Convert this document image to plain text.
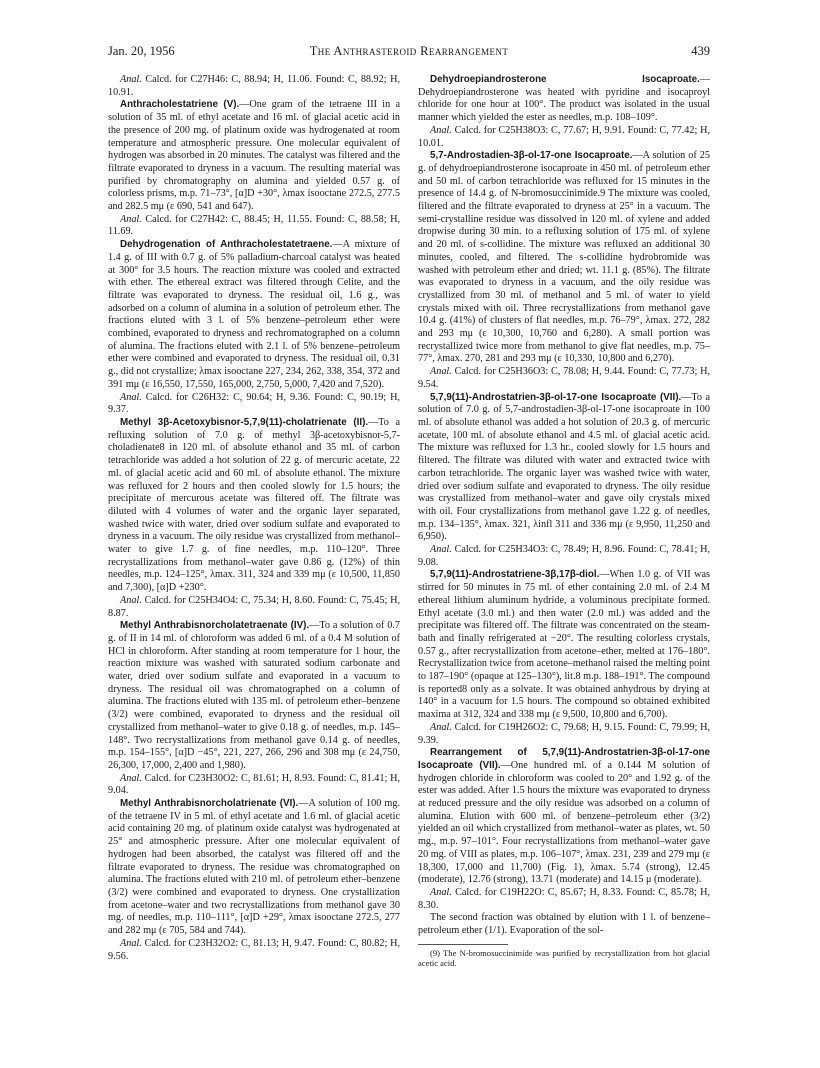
Jan. 20, 1956	The Anthrasteroid Rearrangement	439

Anal. Calcd. for C27H46: C, 88.94; H, 11.06. Found: C, 88.92; H, 10.91.

Anthracholestatriene (V).—One gram of the tetraene III in a solution of 35 ml. of ethyl acetate and 16 ml. of glacial acetic acid in the presence of 200 mg. of platinum oxide was hydrogenated at room temperature and atmospheric pressure. One molecular equivalent of hydrogen was absorbed in 20 minutes. The catalyst was filtered and the filtrate evaporated to dryness in a vacuum. The resulting material was purified by chromatography on alumina and yielded 0.57 g. of colorless prisms, m.p. 71–73°, [α]D +30°, λmax isooctane 272.5, 277.5 and 282.5 mμ (ε 690, 541 and 647).

Anal. Calcd. for C27H42: C, 88.45; H, 11.55. Found: C, 88.58; H, 11.69.

Dehydrogenation of Anthracholestatetraene.—A mixture of 1.4 g. of III with 0.7 g. of 5% palladium-charcoal catalyst was heated at 300° for 3.5 hours. The reaction mixture was cooled and extracted with ether. The ethereal extract was filtered through Celite, and the filtrate was evaporated to dryness. The residual oil, 1.6 g., was adsorbed on a column of alumina in a solution of petroleum ether. The fractions eluted with 3 l. of 5% benzene–petroleum ether were combined, evaporated to dryness and rechromatographed on a column of alumina. The fractions eluted with 2.1 l. of 5% benzene–petroleum ether were combined and evaporated to dryness. The residual oil, 0.31 g., did not crystallize; λmax isooctane 227, 234, 262, 338, 354, 372 and 391 mμ (ε 16,550, 17,550, 165,000, 2,750, 5,000, 7,420 and 7,520).

Anal. Calcd. for C26H32: C, 90.64; H, 9.36. Found: C, 90.19; H, 9.37.

Methyl 3β-Acetoxybisnor-5,7,9(11)-cholatrienate (II).—To a refluxing solution of 7.0 g. of methyl 3β-acetoxybisnor-5,7-choladienate8 in 120 ml. of absolute ethanol and 35 ml. of carbon tetrachloride was added a hot solution of 22 g. of mercuric acetate, 22 ml. of glacial acetic acid and 60 ml. of absolute ethanol. The mixture was refluxed for 2 hours and then cooled slowly for 1.5 hours; the precipitate of mercurous acetate was filtered off. The filtrate was diluted with 4 volumes of water and the organic layer separated, washed twice with water, dried over sodium sulfate and evaporated to dryness in a vacuum. The oily residue was crystallized from methanol–water to give 1.7 g. of fine needles, m.p. 110–120°. Three recrystallizations from methanol–water gave 0.86 g. (12%) of thin needles, m.p. 124–125°, λmax. 311, 324 and 339 mμ (ε 10,500, 11,850 and 7,300), [α]D +230°.

Anal. Calcd. for C25H34O4: C, 75.34; H, 8.60. Found: C, 75.45; H, 8.87.

Methyl Anthrabisnorcholatetraenate (IV).—To a solution of 0.7 g. of II in 14 ml. of chloroform was added 6 ml. of a 0.4 M solution of HCl in chloroform. After standing at room temperature for 1 hour, the reaction mixture was washed with saturated sodium carbonate and water, dried over sodium sulfate and evaporated in a vacuum to dryness. The residual oil was chromatographed on a column of alumina. The fractions eluted with 135 ml. of petroleum ether–benzene (3/2) were combined, evaporated to dryness and the residual oil crystallized from methanol–water to give 0.18 g. of needles, m.p. 145–148°. Two recrystallizations from methanol gave 0.14 g. of needles, m.p. 154–155°, [α]D −45°, 221, 227, 266, 296 and 308 mμ (ε 24,750, 26,300, 17,000, 2,400 and 1,980).

Anal. Calcd. for C23H30O2: C, 81.61; H, 8.93. Found: C, 81.41; H, 9.04.

Methyl Anthrabisnorcholatrienate (VI).—A solution of 100 mg. of the tetraene IV in 5 ml. of ethyl acetate and 1.6 ml. of glacial acetic acid containing 20 mg. of platinum oxide catalyst was hydrogenated at 25° and atmospheric pressure. After one molecular equivalent of hydrogen had been absorbed, the catalyst was filtered off and the filtrate evaporated to dryness. The residue was chromatographed on alumina. The fractions eluted with 210 ml. of petroleum ether–benzene (3/2) were combined and evaporated to dryness. One crystallization from acetone–water and two recrystallizations from methanol gave 30 mg. of needles, m.p. 110–111°, [α]D +29°, λmax isooctane 272.5, 277 and 282 mμ (ε 705, 584 and 744).

Anal. Calcd. for C23H32O2: C, 81.13; H, 9.47. Found: C, 80.82; H, 9.56.

Dehydroepiandrosterone Isocaproate.—Dehydroepiandrosterone was heated with pyridine and isocaproyl chloride for one hour at 100°. The product was isolated in the usual manner which yielded the ester as needles, m.p. 108–109°.

Anal. Calcd. for C25H38O3: C, 77.67; H, 9.91. Found: C, 77.42; H, 10.01.

5,7-Androstadien-3β-ol-17-one Isocaproate.—A solution of 25 g. of dehydroepiandrosterone isocaproate in 450 ml. of petroleum ether and 50 ml. of carbon tetrachloride was refluxed for 15 minutes in the presence of 14.4 g. of N-bromosuccinimide.9 The mixture was cooled, filtered and the filtrate evaporated to dryness at 25° in a vacuum. The semi-crystalline residue was dissolved in 120 ml. of xylene and added dropwise during 30 min. to a refluxing solution of 175 ml. of xylene and 20 ml. of s-collidine. The mixture was refluxed an additional 30 minutes, cooled, and filtered. The s-collidine hydrobromide was washed with petroleum ether and dried; wt. 11.1 g. (85%). The filtrate was evaporated to dryness in a vacuum, and the oily residue was crystallized from 30 ml. of methanol and 5 ml. of water to yield crystals mixed with oil. Three recrystallizations from methanol gave 10.4 g. (41%) of clusters of flat needles, m.p. 76–79°, λmax. 272, 282 and 293 mμ (ε 10,300, 10,760 and 6,280). A small portion was recrystallized twice more from methanol to give flat needles, m.p. 75–77°, λmax. 270, 281 and 293 mμ (ε 10,330, 10,800 and 6,270).

Anal. Calcd. for C25H36O3: C, 78.08; H, 9.44. Found: C, 77.73; H, 9.54.

5,7,9(11)-Androstatrien-3β-ol-17-one Isocaproate (VII).—To a solution of 7.0 g. of 5,7-androstadien-3β-ol-17-one isocaproate in 100 ml. of absolute ethanol was added a hot solution of 20.3 g. of mercuric acetate, 100 ml. of absolute ethanol and 4.5 ml. of glacial acetic acid. The mixture was refluxed for 1.3 hr., cooled slowly for 1.5 hours and filtered. The filtrate was diluted with water and extracted twice with carbon tetrachloride. The organic layer was washed twice with water, dried over sodium sulfate and evaporated to dryness. The oily residue was crystallized from methanol–water and gave oily crystals mixed with oil. Four crystallizations from methanol gave 1.22 g. of needles, m.p. 134–135°, λmax. 321, λinfl 311 and 336 mμ (ε 9,950, 11,250 and 6,950).

Anal. Calcd. for C25H34O3: C, 78.49; H, 8.96. Found: C, 78.41; H, 9.08.

5,7,9(11)-Androstatriene-3β,17β-diol.—When 1.0 g. of VII was stirred for 50 minutes in 75 ml. of ether containing 2.0 ml. of 2.4 M ethereal lithium aluminum hydride, a voluminous precipitate formed. Ethyl acetate (3.0 ml.) and then water (2.0 ml.) was added and the precipitate was filtered off. The filtrate was concentrated on the steam-bath and finally refrigerated at −20°. The resulting colorless crystals, 0.57 g., after recrystallization from acetone–ether, melted at 176–180°. Recrystallization twice from acetone–methanol raised the melting point to 187–190° (opaque at 125–130°), lit.8 m.p. 188–191°. The compound is reported8 only as a solvate. It was obtained anhydrous by drying at 140° in a vacuum for 1.5 hours. The compound so obtained exhibited maxima at 312, 324 and 338 mμ (ε 9,500, 10,800 and 6,700).

Anal. Calcd. for C19H26O2: C, 79.68; H, 9.15. Found: C, 79.99; H, 9.39.

Rearrangement of 5,7,9(11)-Androstatrien-3β-ol-17-one Isocaproate (VII).—One hundred ml. of a 0.144 M solution of hydrogen chloride in chloroform was cooled to 20° and 1.92 g. of the ester was added. After 1.5 hours the mixture was evaporated to dryness at reduced pressure and the oily residue was adsorbed on a column of alumina. Elution with 600 ml. of benzene–petroleum ether (3/2) yielded an oil which crystallized from methanol–water as plates, wt. 50 mg., m.p. 97–101°. Four recrystallizations from methanol–water gave 20 mg. of VIII as plates, m.p. 106–107°, λmax. 231, 239 and 279 mμ (ε 18,300, 17,000 and 11,700) (Fig. 1), λmax. 5.74 (strong), 12.45 (moderate), 12.76 (strong), 13.71 (moderate) and 14.15 μ (moderate).

Anal. Calcd. for C19H22O: C, 85.67; H, 8.33. Found: C, 85.78; H, 8.30.

The second fraction was obtained by elution with 1 l. of benzene–petroleum ether (1/1). Evaporation of the sol-

(9) The N-bromosuccinimide was purified by recrystallization from hot glacial acetic acid.
